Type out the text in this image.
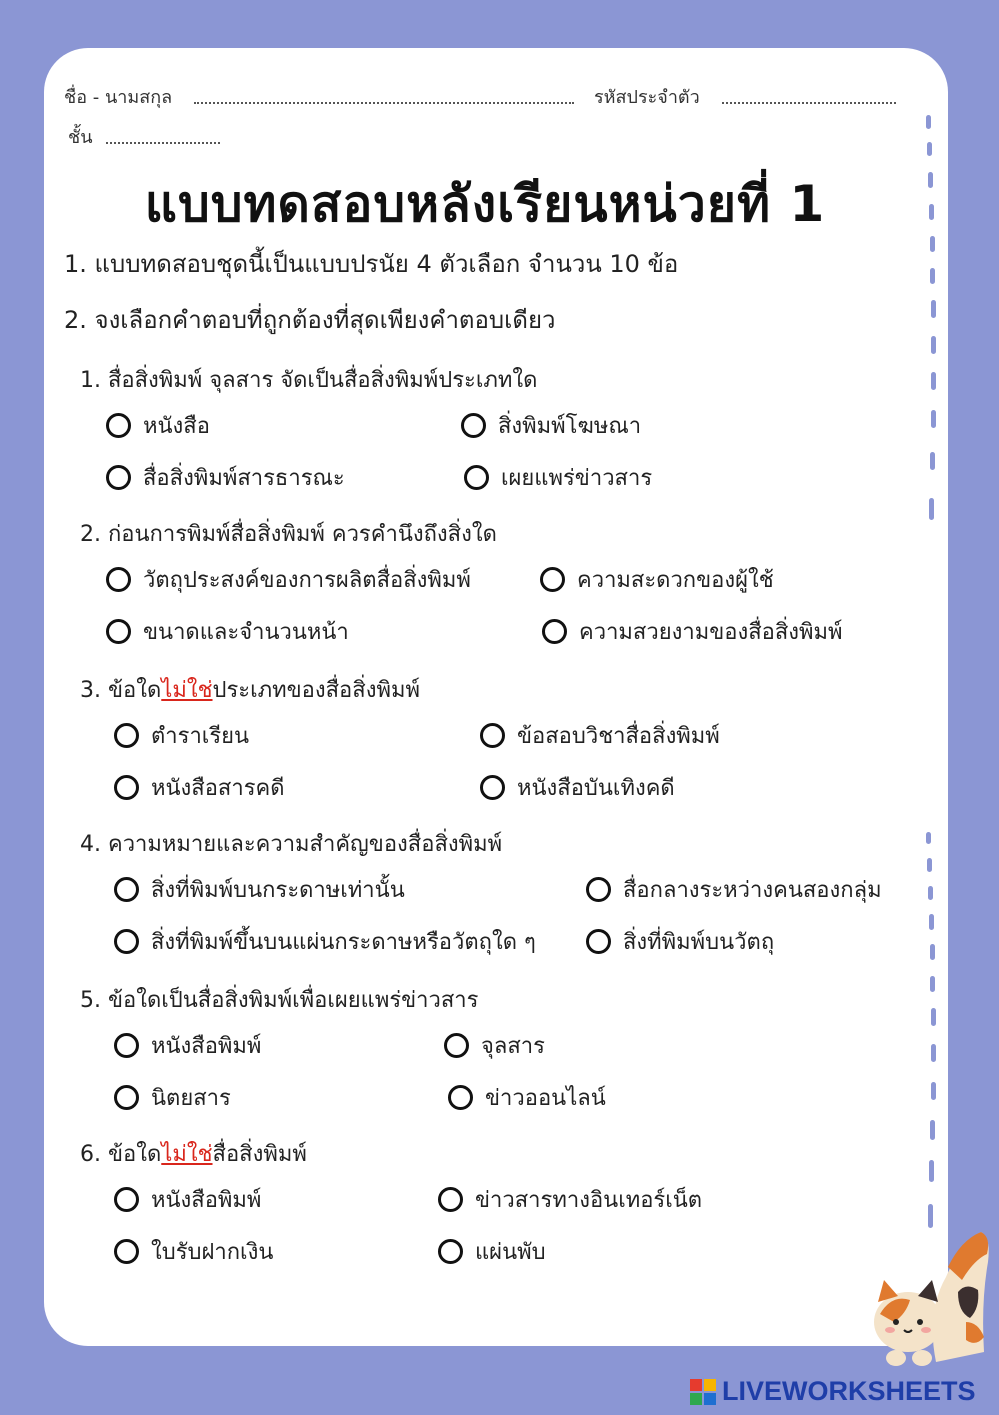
ชื่อ - นามสกุล	รหัสประจำตัว
ชั้น
แบบทดสอบหลังเรียนหน่วยที่ 1
1. แบบทดสอบชุดนี้เป็นแบบปรนัย 4 ตัวเลือก จำนวน 10 ข้อ
2. จงเลือกคำตอบที่ถูกต้องที่สุดเพียงคำตอบเดียว
1. สื่อสิ่งพิมพ์ จุลสาร จัดเป็นสื่อสิ่งพิมพ์ประเภทใด
หนังสือ	สิ่งพิมพ์โฆษณา
สื่อสิ่งพิมพ์สารธารณะ	เผยแพร่ข่าวสาร
2. ก่อนการพิมพ์สื่อสิ่งพิมพ์ ควรคำนึงถึงสิ่งใด
วัตถุประสงค์ของการผลิตสื่อสิ่งพิมพ์	ความสะดวกของผู้ใช้
ขนาดและจำนวนหน้า	ความสวยงามของสื่อสิ่งพิมพ์
3. ข้อใดไม่ใช่ประเภทของสื่อสิ่งพิมพ์
ตำราเรียน	ข้อสอบวิชาสื่อสิ่งพิมพ์
หนังสือสารคดี	หนังสือบันเทิงคดี
4. ความหมายและความสำคัญของสื่อสิ่งพิมพ์
สิ่งที่พิมพ์บนกระดาษเท่านั้น	สื่อกลางระหว่างคนสองกลุ่ม
สิ่งที่พิมพ์ขึ้นบนแผ่นกระดาษหรือวัตถุใด ๆ	สิ่งที่พิมพ์บนวัตถุ
5. ข้อใดเป็นสื่อสิ่งพิมพ์เพื่อเผยแพร่ข่าวสาร
หนังสือพิมพ์	จุลสาร
นิตยสาร	ข่าวออนไลน์
6. ข้อใดไม่ใช่สื่อสิ่งพิมพ์
หนังสือพิมพ์	ข่าวสารทางอินเทอร์เน็ต
ใบรับฝากเงิน	แผ่นพับ
LIVEWORKSHEETS
